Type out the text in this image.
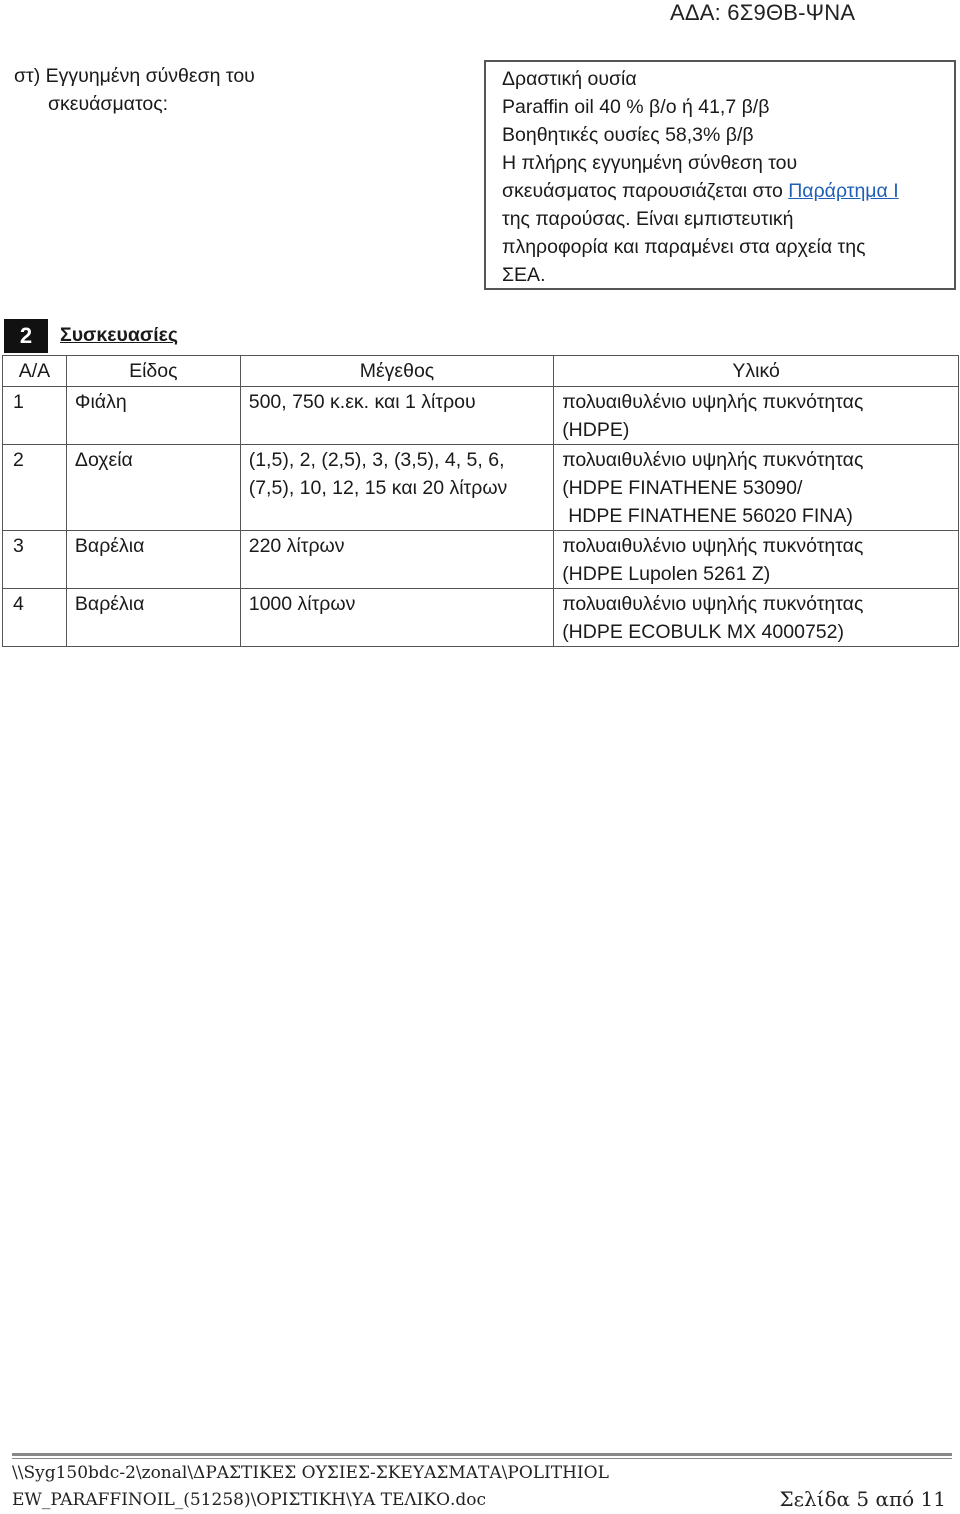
ΑΔΑ: 6Σ9ΘΒ-ΨΝΑ
στ) Εγγυημένη σύνθεση του
σκευάσματος:
Δραστική ουσία
Paraffin oil 40 % β/ο ή 41,7 β/β
Βοηθητικές ουσίες 58,3% β/β
Η πλήρης εγγυημένη σύνθεση του
σκευάσματος παρουσιάζεται στο Παράρτημα Ι
της παρούσας. Είναι εμπιστευτική
πληροφορία και παραμένει στα αρχεία της
ΣΕΑ.
2	Συσκευασίες
Α/Α	Είδος	Μέγεθος	Υλικό
1	Φιάλη	500, 750 κ.εκ. και 1 λίτρου	πολυαιθυλένιο υψηλής πυκνότητας
(HDPE)

2	Δοχεία	(1,5), 2, (2,5), 3, (3,5), 4, 5, 6,
(7,5), 10, 12, 15 και 20 λίτρων	πολυαιθυλένιο υψηλής πυκνότητας
(HDPE FINATHENE 53090/
HDPE FINATHENE 56020 FINA)

3	Βαρέλια	220 λίτρων	πολυαιθυλένιο υψηλής πυκνότητας
(HDPE Lupolen 5261 Z)

4	Βαρέλια	1000 λίτρων	πολυαιθυλένιο υψηλής πυκνότητας
(HDPE ECOBULK MX 4000752)
\\Syg150bdc-2\zonal\ΔΡΑΣΤΙΚΕΣ ΟΥΣΙΕΣ-ΣΚΕΥΑΣΜΑΤΑ\POLITHIOL
EW_PARAFFINOIL_(51258)\ΟΡΙΣΤΙΚΗ\ΥΑ ΤΕΛΙΚΟ.doc	Σελίδα 5 από 11
